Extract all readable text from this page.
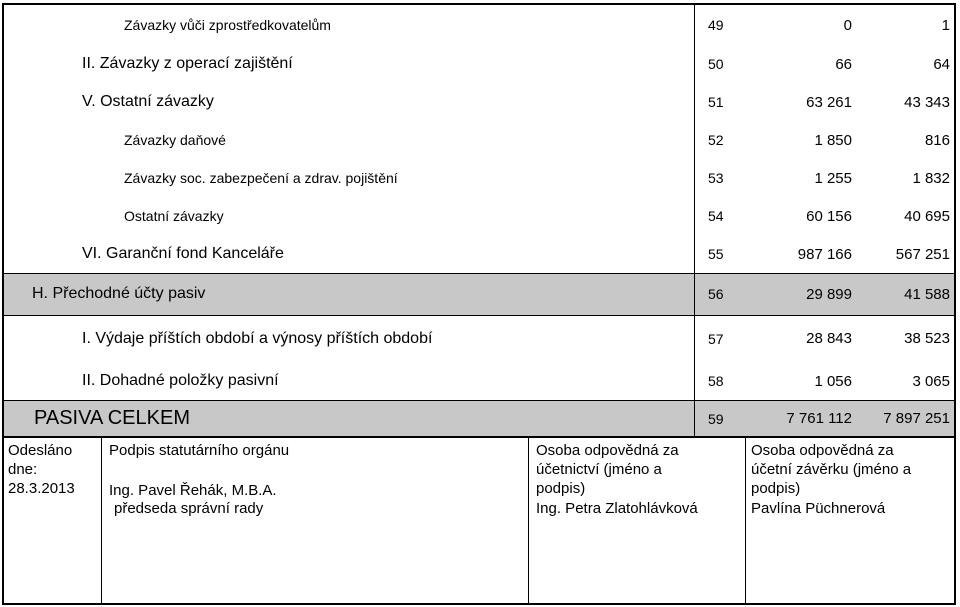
Závazky vůči zprostředkovatelům	49	0	1
II. Závazky z operací zajištění	50	66	64
V. Ostatní závazky	51	63 261	43 343
Závazky daňové	52	1 850	816
Závazky soc. zabezpečení a zdrav. pojištění	53	1 255	1 832
Ostatní závazky	54	60 156	40 695
VI. Garanční fond Kanceláře	55	987 166	567 251
H. Přechodné účty pasiv	56	29 899	41 588
I. Výdaje příštích období a výnosy příštích období	57	28 843	38 523
II. Dohadné položky pasivní	58	1 056	3 065
PASIVA CELKEM	59	7 761 112	7 897 251
Odesláno
dne:
28.3.2013
Podpis statutárního orgánu
Ing. Pavel Řehák, M.B.A.
předseda správní rady
Osoba odpovědná za
účetnictví (jméno a
podpis)
Ing. Petra Zlatohlávková
Osoba odpovědná za
účetní závěrku (jméno a
podpis)
Pavlína Püchnerová
